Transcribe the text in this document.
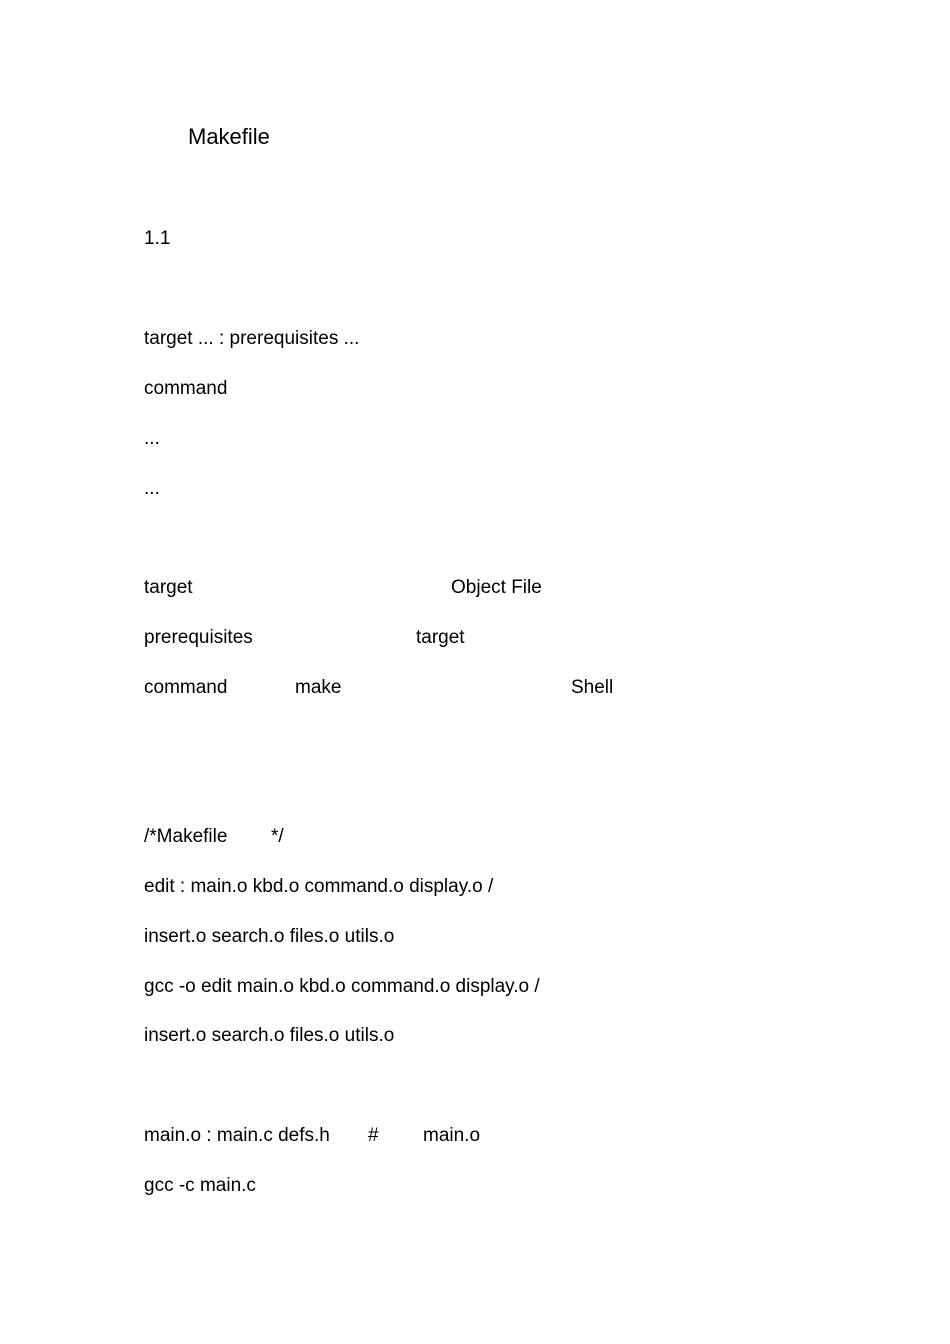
Makefile
1.1
target ... : prerequisites ...
command
...
...
target	Object File
prerequisites	target
command	make	Shell
/*Makefile */
edit : main.o kbd.o command.o display.o /
insert.o search.o files.o utils.o
gcc -o edit main.o kbd.o command.o display.o /
insert.o search.o files.o utils.o
main.o : main.c defs.h # main.o
gcc -c main.c
